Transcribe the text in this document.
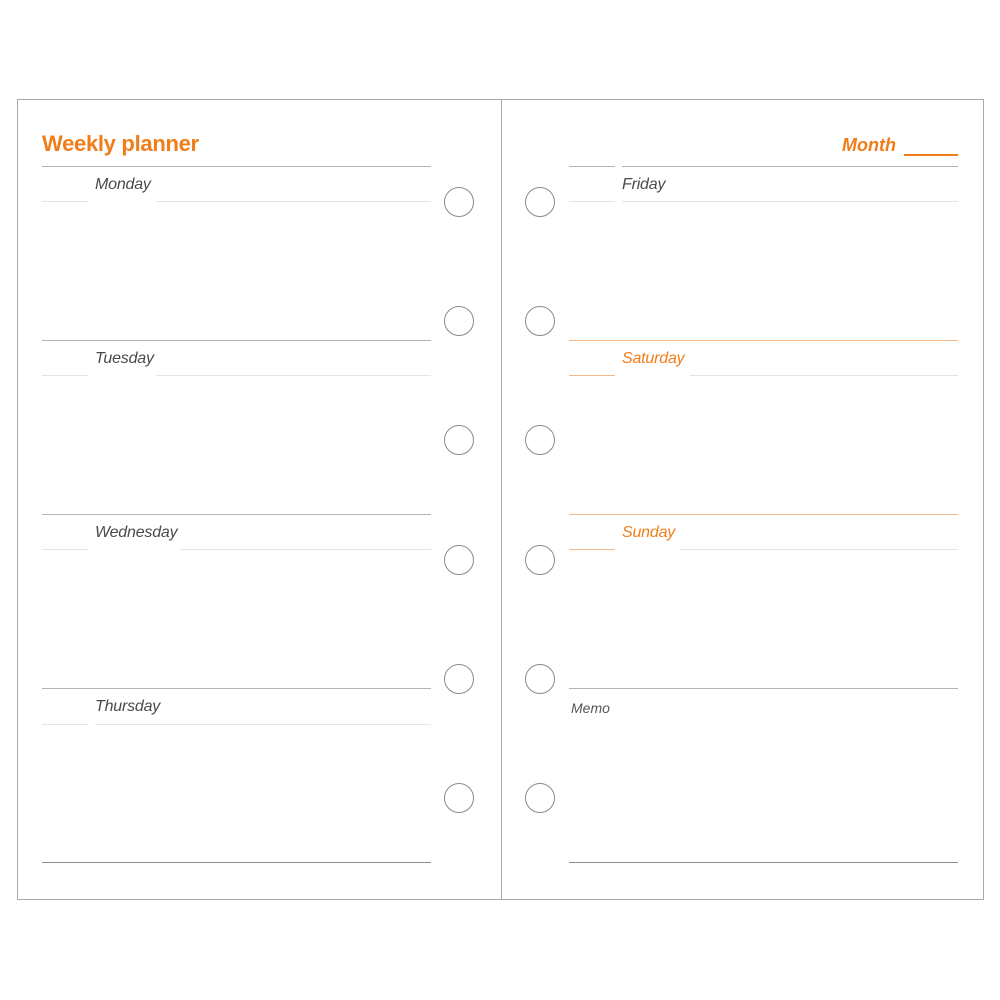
Weekly planner	Month
Monday
Tuesday
Wednesday
Thursday
Friday
Saturday
Sunday
Memo
